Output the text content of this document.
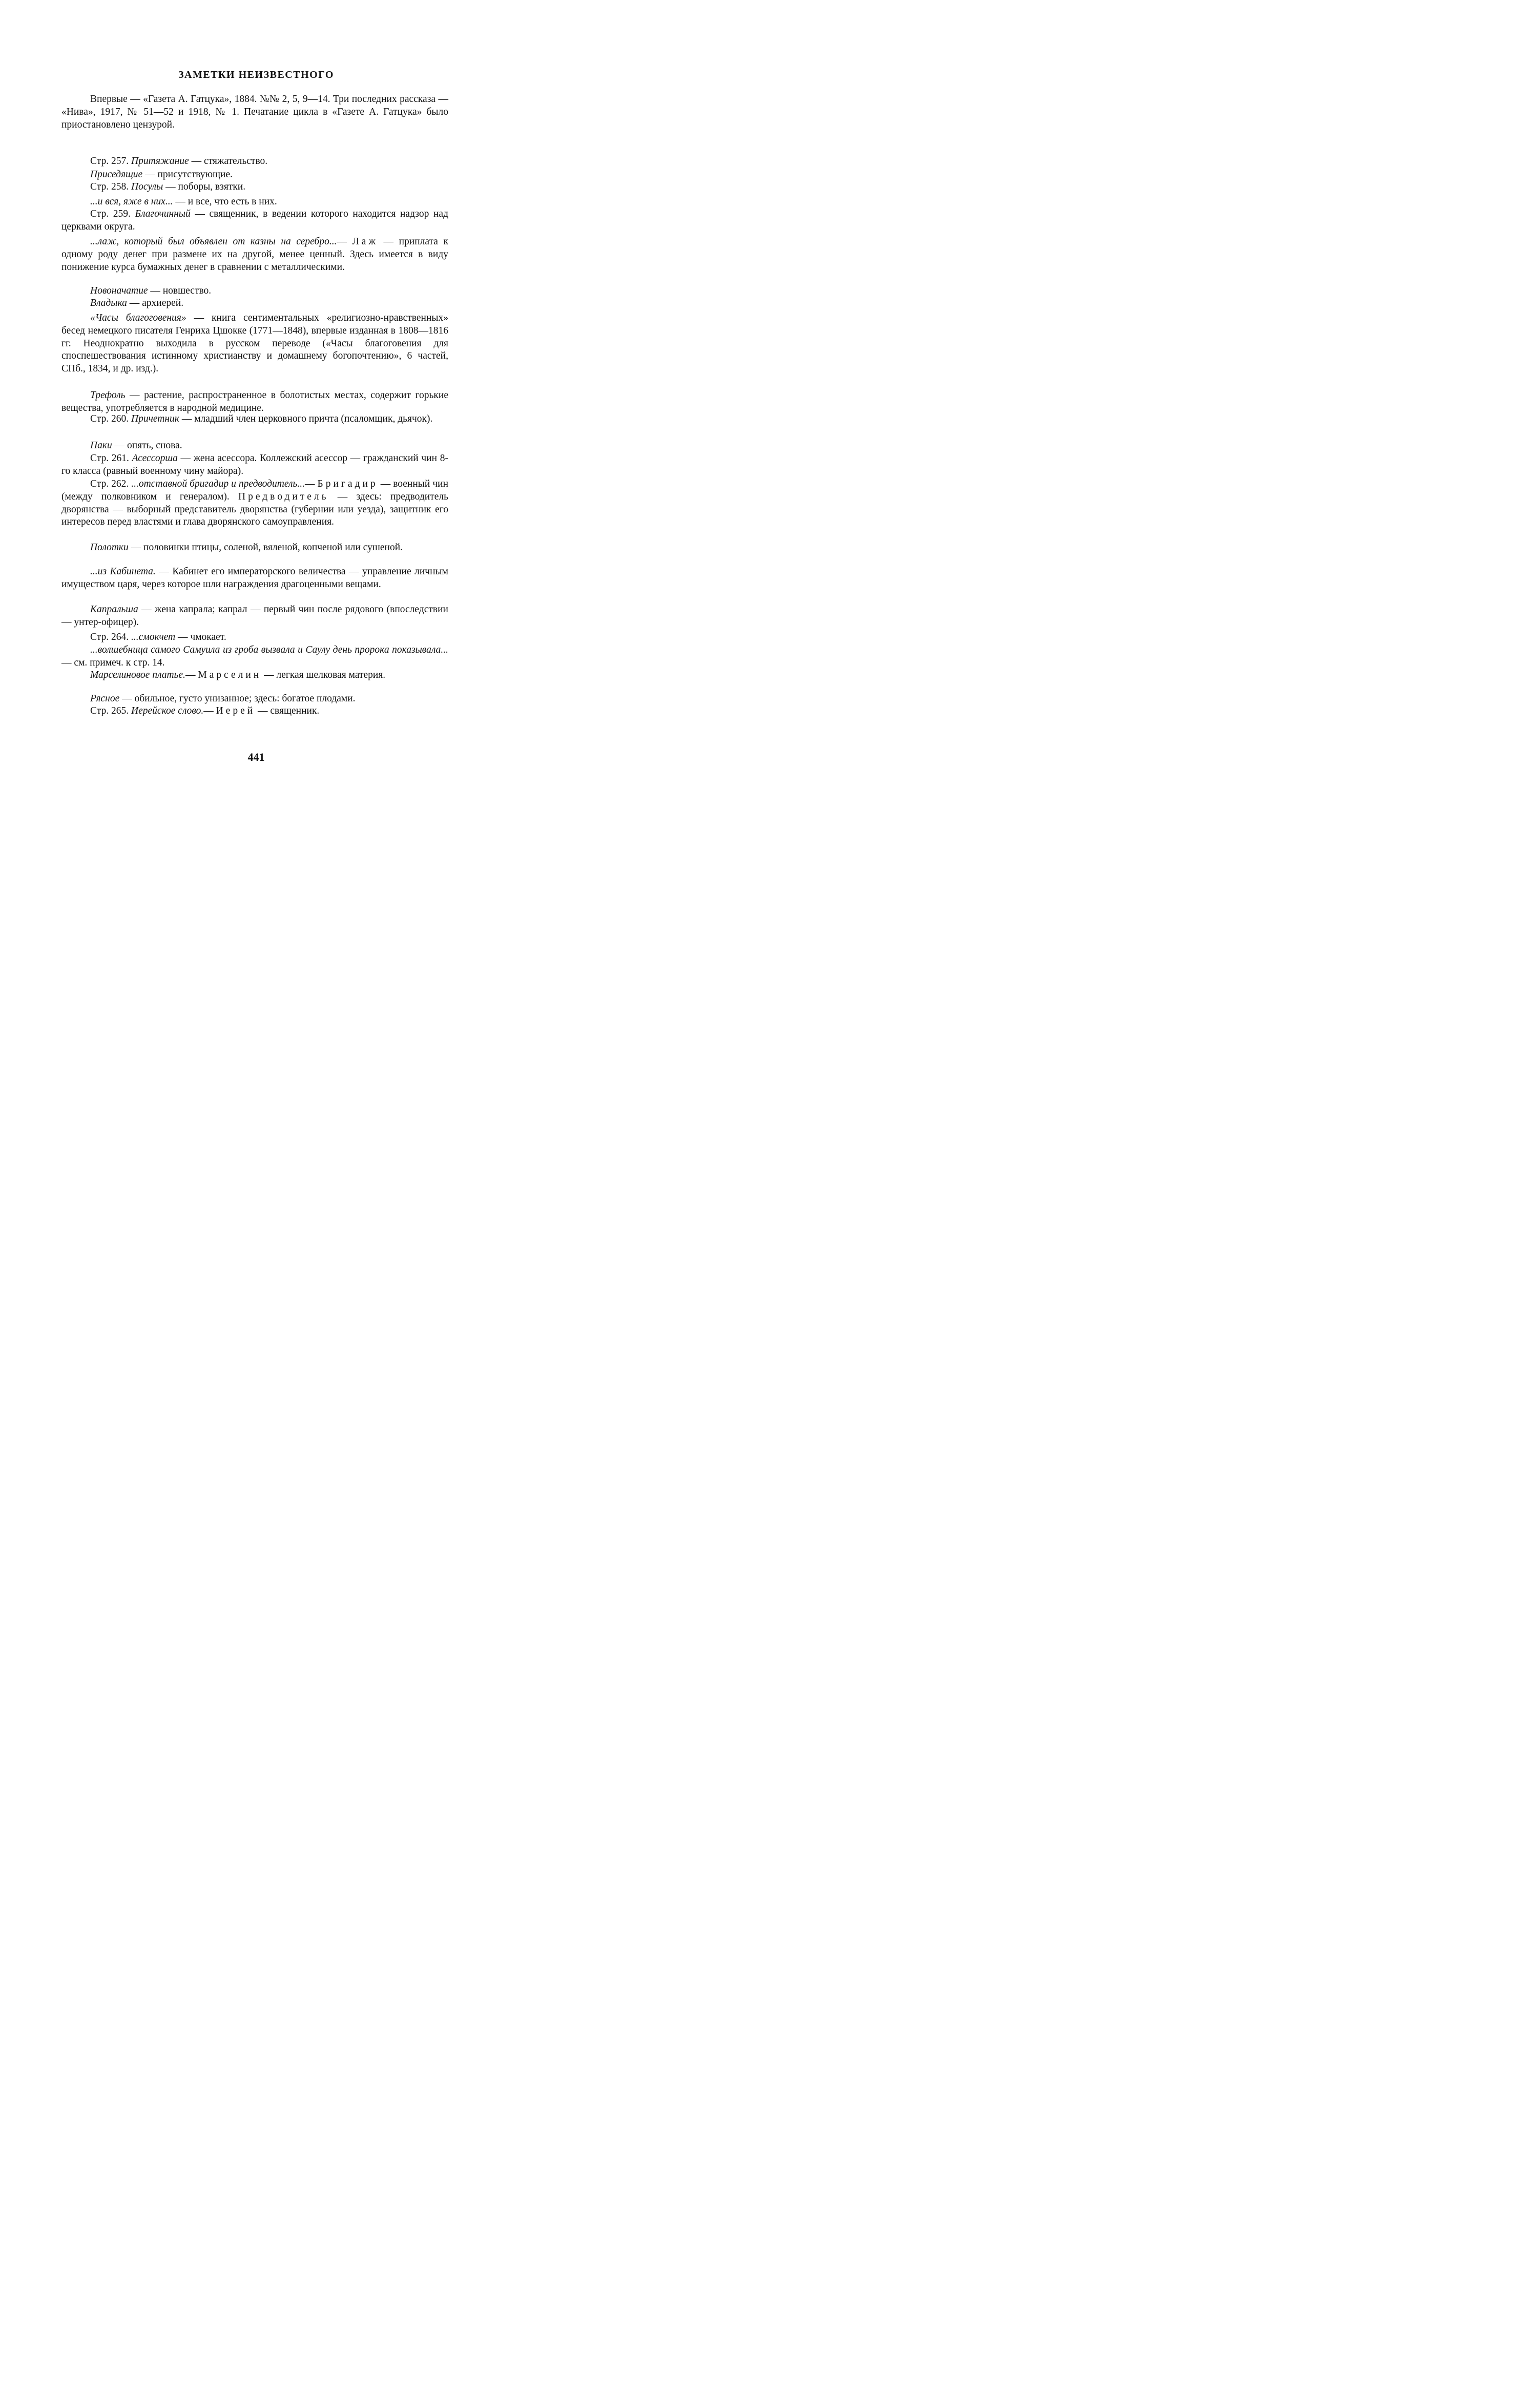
ЗАМЕТКИ НЕИЗВЕСТНОГО

Впервые — «Газета А. Гатцука», 1884. №№ 2, 5, 9—14. Три последних рассказа — «Нива», 1917, № 51—52 и 1918, № 1. Печатание цикла в «Газете А. Гатцука» было приостановлено цензурой.

Стр. 257. Притяжание — стяжательство.

Приседящие — присутствующие.

Стр. 258. Посулы — поборы, взятки.

...и вся, яже в них... — и все, что есть в них.

Стр. 259. Благочинный — священник, в ведении которого находится надзор над церквами округа.

...лаж, который был объявлен от казны на серебро...— Лаж — приплата к одному роду денег при размене их на другой, менее ценный. Здесь имеется в виду понижение курса бумажных денег в сравнении с металлическими.

Новоначатие — новшество.

Владыка — архиерей.

«Часы благоговения» — книга сентиментальных «религиозно-нравственных» бесед немецкого писателя Генриха Цшокке (1771—1848), впервые изданная в 1808—1816 гг. Неоднократно выходила в русском переводе («Часы благоговения для споспешествования истинному христианству и домашнему богопочтению», 6 частей, СПб., 1834, и др. изд.).

Трефоль — растение, распространенное в болотистых местах, содержит горькие вещества, употребляется в народной медицине.

Стр. 260. Причетник — младший член церковного причта (псаломщик, дьячок).

Паки — опять, снова.

Стр. 261. Асессорша — жена асессора. Коллежский асессор — гражданский чин 8-го класса (равный военному чину майора).

Стр. 262. ...отставной бригадир и предводитель...— Бригадир — военный чин (между полковником и генералом). Предводитель — здесь: предводитель дворянства — выборный представитель дворянства (губернии или уезда), защитник его интересов перед властями и глава дворянского самоуправления.

Полотки — половинки птицы, соленой, вяленой, копченой или сушеной.

...из Кабинета. — Кабинет его императорского величества — управление личным имуществом царя, через которое шли награждения драгоценными вещами.

Капральша — жена капрала; капрал — первый чин после рядового (впоследствии — унтер-офицер).

Стр. 264. ...смокчет — чмокает.

...волшебница самого Самуила из гроба вызвала и Саулу день пророка показывала... — см. примеч. к стр. 14.

Марселиновое платье.— Марселин — легкая шелковая материя.

Рясное — обильное, густо унизанное; здесь: богатое плодами.

Стр. 265. Иерейское слово.— Иерей — священник.

441
